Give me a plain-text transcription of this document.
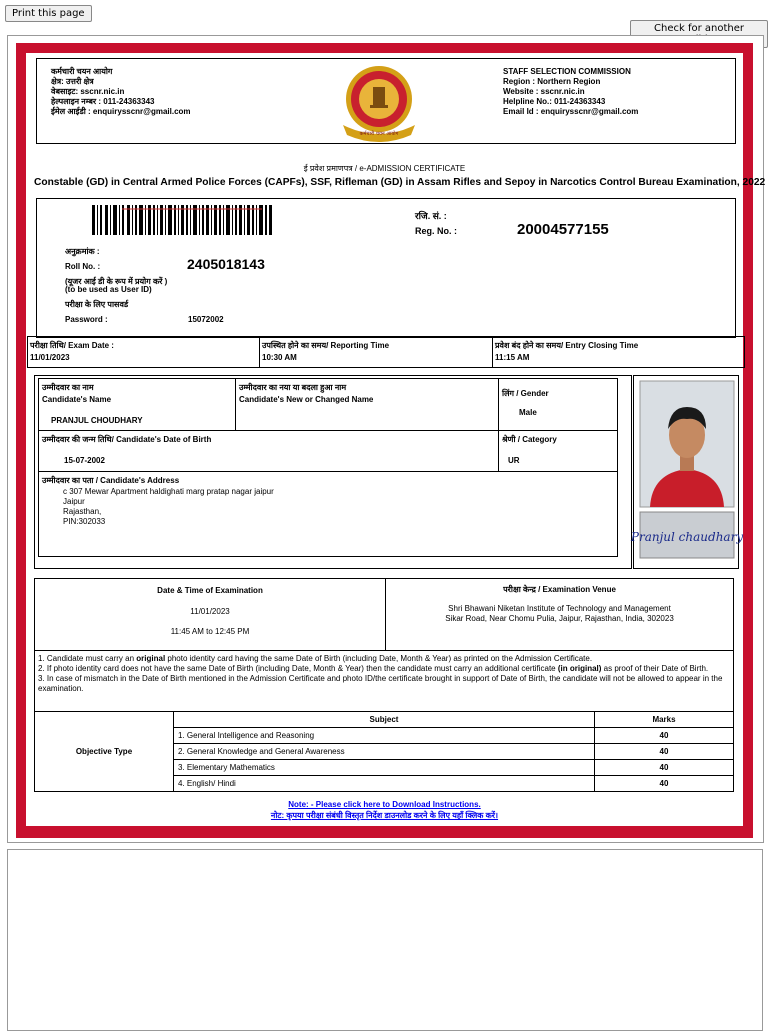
Print this page
Check for another
कर्मचारी चयन आयोग
क्षेत्र: उत्तरी क्षेत्र
वेबसाइट: sscnr.nic.in
हेल्पलाइन नम्बर : 011-24363343
ईमेल आईडी : enquirysscnr@gmail.com
कर्मचारी चयन आयोग
STAFF SELECTION COMMISSION
Region : Northern Region
Website : sscnr.nic.in
Helpline No.: 011-24363343
Email Id : enquirysscnr@gmail.com
ई प्रवेश प्रमाणपत्र / e-ADMISSION CERTIFICATE
Constable (GD) in Central Armed Police Forces (CAPFs), SSF, Rifleman (GD) in Assam Rifles and Sepoy in Narcotics Control Bureau Examination, 2022
रजि. सं. :
Reg. No. :	20004577155
अनुक्रमांक :
Roll No. :	2405018143
(यूजर आई डी के रूप में प्रयोग करें )
(to be used as User ID)
परीक्षा के लिए पासवर्ड
Password :	15072002
परीक्षा तिथि/ Exam Date :
11/01/2023
उपस्थित होने का समय/ Reporting Time
10:30 AM
प्रवेश बंद होने का समय/ Entry Closing Time
11:15 AM
उम्मीदवार का नाम
Candidate's Name
PRANJUL CHOUDHARY
उम्मीदवार का नया या बदला हुआ नाम
Candidate's New or Changed Name
लिंग / Gender
Male
उम्मीदवार की जन्म तिथि/ Candidate's Date of Birth
15-07-2002
श्रेणी / Category
UR
उम्मीदवार का पता / Candidate's Address
c 307 Mewar Apartment haldighati marg pratap nagar jaipur
Jaipur
Rajasthan,
PIN:302033
Pranjul chaudhary
Date & Time of Examination
11/01/2023
11:45 AM to 12:45 PM
परीक्षा केन्द्र / Examination Venue
Shri Bhawani Niketan Institute of Technology and Management
Sikar Road, Near Chomu Pulia, Jaipur, Rajasthan, India, 302023
1. Candidate must carry an original photo identity card having the same Date of Birth (including Date, Month & Year) as printed on the Admission Certificate.
2. If photo identity card does not have the same Date of Birth (including Date, Month & Year) then the candidate must carry an additional certificate (in original) as proof of their Date of Birth.
3. In case of mismatch in the Date of Birth mentioned in the Admission Certificate and photo ID/the certificate brought in support of Date of Birth, the candidate will not be allowed to appear in the examination.
Objective Type	Subject	Marks
	1. General Intelligence and Reasoning	40
	2. General Knowledge and General Awareness	40
	3. Elementary Mathematics	40
	4. English/ Hindi	40
Note: - Please click here to Download Instructions.
नोट: कृपया परीक्षा संबंधी विस्तृत निर्देश डाउनलोड करने के लिए यहाँ क्लिक करें।
